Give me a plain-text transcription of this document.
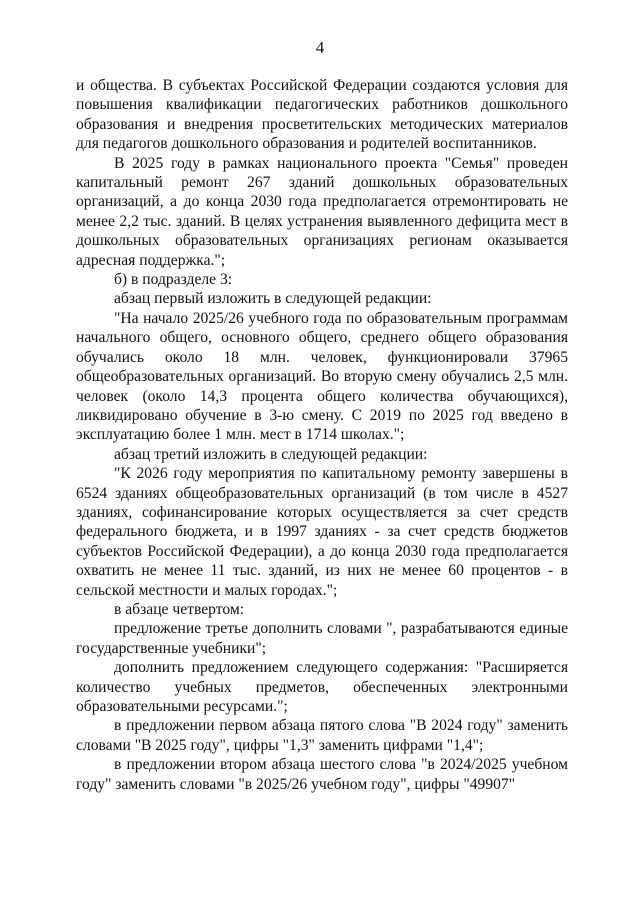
4

и общества. В субъектах Российской Федерации создаются условия для повышения квалификации педагогических работников дошкольного образования и внедрения просветительских методических материалов для педагогов дошкольного образования и родителей воспитанников.

В 2025 году в рамках национального проекта "Семья" проведен капитальный ремонт 267 зданий дошкольных образовательных организаций, а до конца 2030 года предполагается отремонтировать не менее 2,2 тыс. зданий. В целях устранения выявленного дефицита мест в дошкольных образовательных организациях регионам оказывается адресная поддержка.";

б) в подразделе 3:

абзац первый изложить в следующей редакции:

"На начало 2025/26 учебного года по образовательным программам начального общего, основного общего, среднего общего образования обучались около 18 млн. человек, функционировали 37965 общеобразовательных организаций. Во вторую смену обучались 2,5 млн. человек (около 14,3 процента общего количества обучающихся), ликвидировано обучение в 3-ю смену. С 2019 по 2025 год введено в эксплуатацию более 1 млн. мест в 1714 школах.";

абзац третий изложить в следующей редакции:

"К 2026 году мероприятия по капитальному ремонту завершены в 6524 зданиях общеобразовательных организаций (в том числе в 4527 зданиях, софинансирование которых осуществляется за счет средств федерального бюджета, и в 1997 зданиях - за счет средств бюджетов субъектов Российской Федерации), а до конца 2030 года предполагается охватить не менее 11 тыс. зданий, из них не менее 60 процентов - в сельской местности и малых городах.";

в абзаце четвертом:

предложение третье дополнить словами ", разрабатываются единые государственные учебники";

дополнить предложением следующего содержания: "Расширяется количество учебных предметов, обеспеченных электронными образовательными ресурсами.";

в предложении первом абзаца пятого слова "В 2024 году" заменить словами "В 2025 году", цифры "1,3" заменить цифрами "1,4";

в предложении втором абзаца шестого слова "в 2024/2025 учебном году" заменить словами "в 2025/26 учебном году", цифры "49907"
